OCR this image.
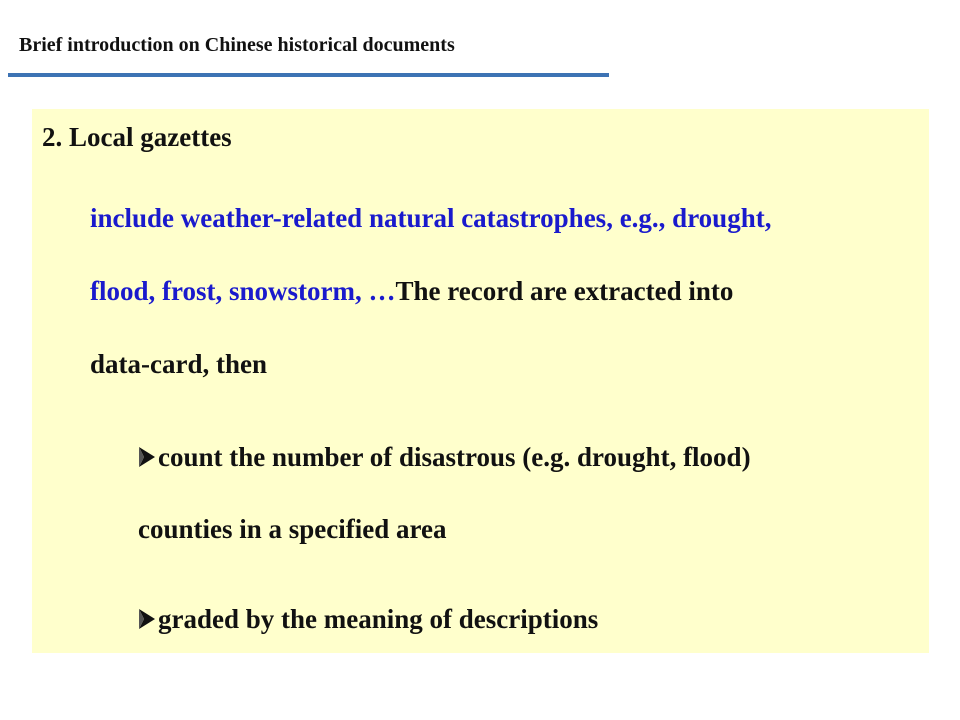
Brief introduction on Chinese historical documents
2. Local gazettes
include weather-related natural catastrophes, e.g., drought,
flood, frost, snowstorm, …The record are extracted into
data-card, then
count the number of disastrous (e.g. drought, flood)
counties in a specified area
graded by the meaning of descriptions
